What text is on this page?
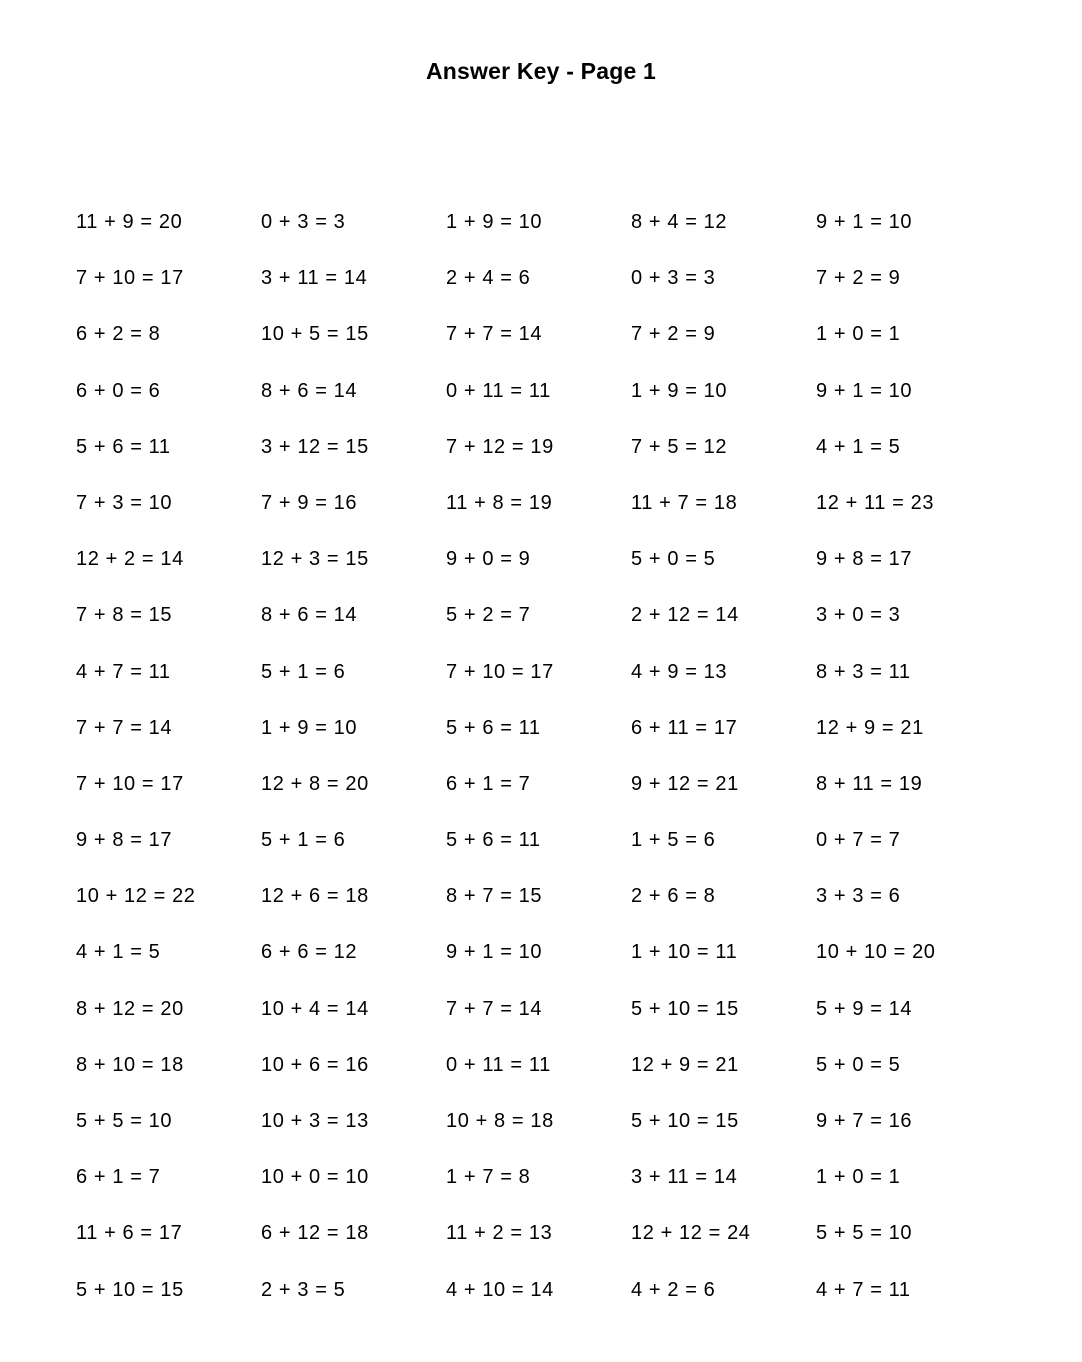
Answer Key - Page 1
11 + 9 = 20	0 + 3 = 3	1 + 9 = 10	8 + 4 = 12	9 + 1 = 10
7 + 10 = 17	3 + 11 = 14	2 + 4 = 6	0 + 3 = 3	7 + 2 = 9
6 + 2 = 8	10 + 5 = 15	7 + 7 = 14	7 + 2 = 9	1 + 0 = 1
6 + 0 = 6	8 + 6 = 14	0 + 11 = 11	1 + 9 = 10	9 + 1 = 10
5 + 6 = 11	3 + 12 = 15	7 + 12 = 19	7 + 5 = 12	4 + 1 = 5
7 + 3 = 10	7 + 9 = 16	11 + 8 = 19	11 + 7 = 18	12 + 11 = 23
12 + 2 = 14	12 + 3 = 15	9 + 0 = 9	5 + 0 = 5	9 + 8 = 17
7 + 8 = 15	8 + 6 = 14	5 + 2 = 7	2 + 12 = 14	3 + 0 = 3
4 + 7 = 11	5 + 1 = 6	7 + 10 = 17	4 + 9 = 13	8 + 3 = 11
7 + 7 = 14	1 + 9 = 10	5 + 6 = 11	6 + 11 = 17	12 + 9 = 21
7 + 10 = 17	12 + 8 = 20	6 + 1 = 7	9 + 12 = 21	8 + 11 = 19
9 + 8 = 17	5 + 1 = 6	5 + 6 = 11	1 + 5 = 6	0 + 7 = 7
10 + 12 = 22	12 + 6 = 18	8 + 7 = 15	2 + 6 = 8	3 + 3 = 6
4 + 1 = 5	6 + 6 = 12	9 + 1 = 10	1 + 10 = 11	10 + 10 = 20
8 + 12 = 20	10 + 4 = 14	7 + 7 = 14	5 + 10 = 15	5 + 9 = 14
8 + 10 = 18	10 + 6 = 16	0 + 11 = 11	12 + 9 = 21	5 + 0 = 5
5 + 5 = 10	10 + 3 = 13	10 + 8 = 18	5 + 10 = 15	9 + 7 = 16
6 + 1 = 7	10 + 0 = 10	1 + 7 = 8	3 + 11 = 14	1 + 0 = 1
11 + 6 = 17	6 + 12 = 18	11 + 2 = 13	12 + 12 = 24	5 + 5 = 10
5 + 10 = 15	2 + 3 = 5	4 + 10 = 14	4 + 2 = 6	4 + 7 = 11
